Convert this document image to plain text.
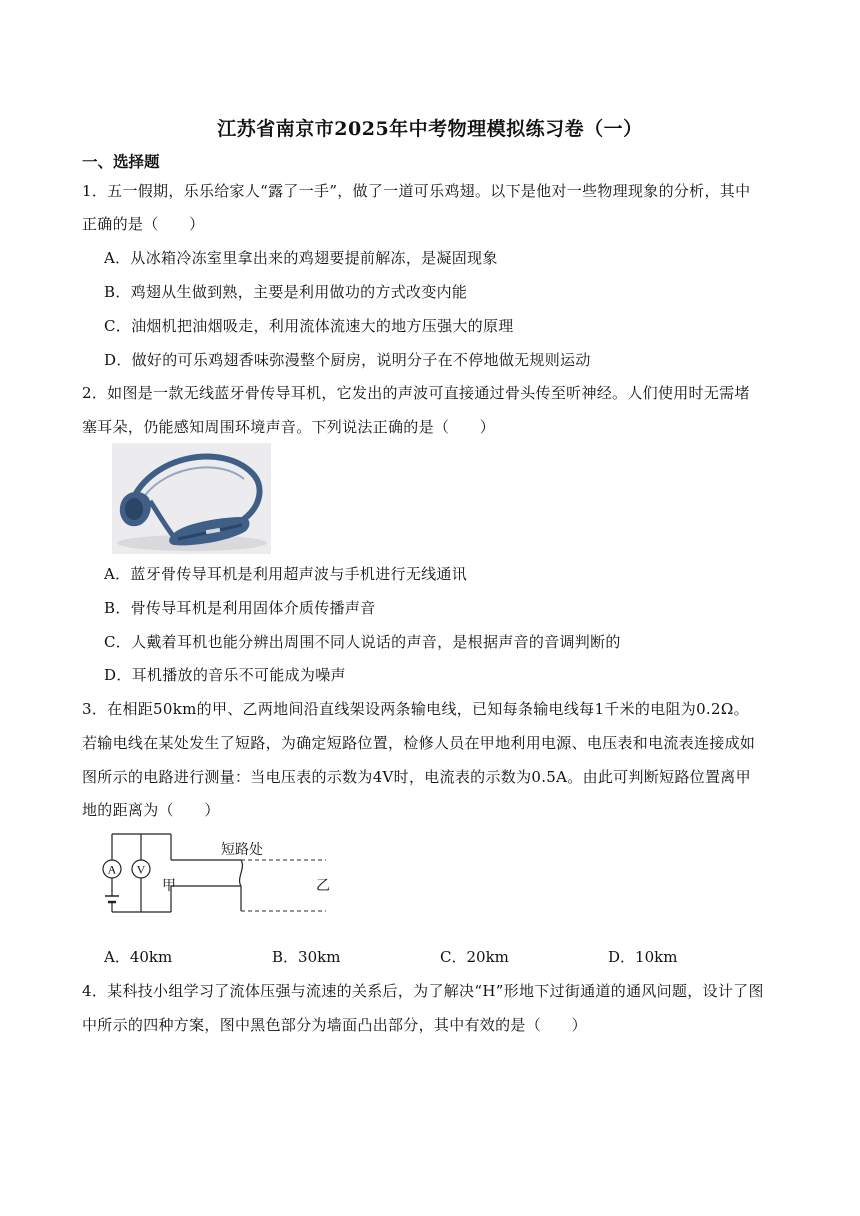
江苏省南京市2025年中考物理模拟练习卷（一）
一、选择题
1．五一假期，乐乐给家人“露了一手”，做了一道可乐鸡翅。以下是他对一些物理现象的分析，其中
正确的是（　　）
A．从冰箱冷冻室里拿出来的鸡翅要提前解冻，是凝固现象
B．鸡翅从生做到熟，主要是利用做功的方式改变内能
C．油烟机把油烟吸走，利用流体流速大的地方压强大的原理
D．做好的可乐鸡翅香味弥漫整个厨房，说明分子在不停地做无规则运动
2．如图是一款无线蓝牙骨传导耳机，它发出的声波可直接通过骨头传至听神经。人们使用时无需堵
塞耳朵，仍能感知周围环境声音。下列说法正确的是（　　）
A．蓝牙骨传导耳机是利用超声波与手机进行无线通讯
B．骨传导耳机是利用固体介质传播声音
C．人戴着耳机也能分辨出周围不同人说话的声音，是根据声音的音调判断的
D．耳机播放的音乐不可能成为噪声
3．在相距50km的甲、乙两地间沿直线架设两条输电线，已知每条输电线每1千米的电阻为0.2Ω。
若输电线在某处发生了短路，为确定短路位置，检修人员在甲地利用电源、电压表和电流表连接成如
图所示的电路进行测量：当电压表的示数为4V时，电流表的示数为0.5A。由此可判断短路位置离甲
地的距离为（　　）
A V
短路处
甲	乙
A．40km	B．30km	C．20km	D．10km
4．某科技小组学习了流体压强与流速的关系后，为了解决“H”形地下过街通道的通风问题，设计了图
中所示的四种方案，图中黑色部分为墙面凸出部分，其中有效的是（　　）
